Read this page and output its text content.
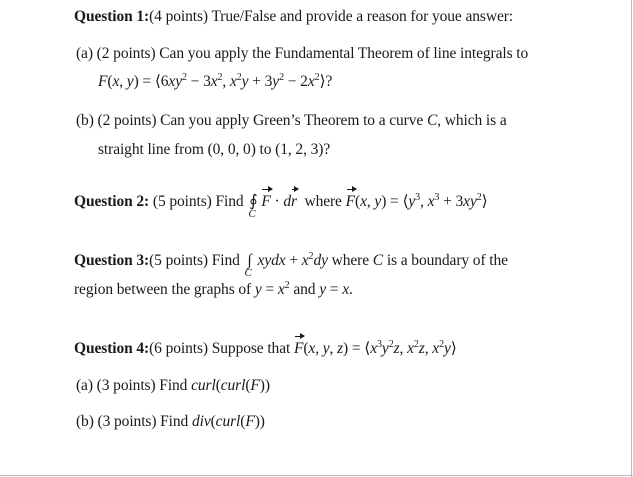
Question 1:(4 points) True/False and provide a reason for youe answer:
(a) (2 points) Can you apply the Fundamental Theorem of line integrals to
F(x, $y) = ⟨6xy^2 - 3x^2$, $x^2y + 3y^2$ − $2x^2⟩$?
(b) (2 points) Can you apply Green’s Theorem to a curve C, which is a
straight line from (0, 0, 0) to (1, 2, 3)?
Question 2: (5 points) Find ∮
C
F · dr  where F(x, $y) = ⟨y^3$, $x^3$ + $3xy^2⟩$
Question 3:(5 points) Find ∫
C
xydx + $x^2dy$ where C is a boundary of the
region between the graphs of $y = x^2$ and y = x.
Question 4:(6 points) Suppose that F(x, y, $z) = ⟨x^3y^2z$, $x^2z$, $x^2y⟩$
(a) (3 points) Find curl(curl(F))
(b) (3 points) Find div(curl(F))
